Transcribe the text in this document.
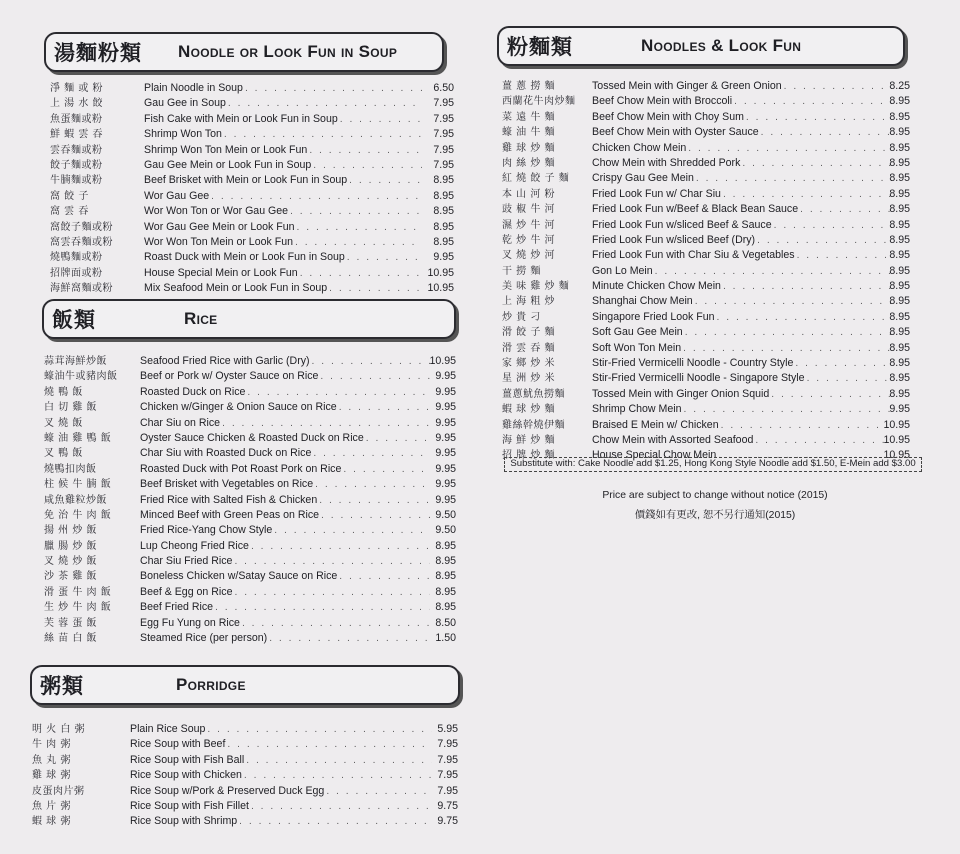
湯麵粉類 Noodle or Look Fun in Soup
淨 麵 或 粉	Plain Noodle in Soup . . .	6.50
上 湯 水 餃	Gau Gee in Soup . . .	7.95
魚蛋麵或粉	Fish Cake with Mein or Look Fun in Soup . . .	7.95
鮮 蝦 雲 吞	Shrimp Won Ton . . .	7.95
雲吞麵或粉	Shrimp Won Ton Mein or Look Fun . . .	7.95
餃子麵或粉	Gau Gee Mein or Look Fun in Soup . . .	7.95
牛腩麵或粉	Beef Brisket with Mein or Look Fun in Soup . . .	8.95
窩 餃 子	Wor Gau Gee . . .	8.95
窩 雲 吞	Wor Won Ton or Wor Gau Gee . . .	8.95
窩餃子麵或粉	Wor Gau Gee Mein or Look Fun . . .	8.95
窩雲吞麵或粉	Wor Won Ton Mein or Look Fun . . .	8.95
燒鴨麵或粉	Roast Duck with Mein or Look Fun in Soup . . .	9.95
招牌面或粉	House Special Mein or Look Fun . . .	10.95
海鮮窩麵或粉	Mix Seafood Mein or Look Fun in Soup . . .	10.95
飯類	Rice
蒜茸海鮮炒飯	Seafood Fried Rice with Garlic (Dry) . . .	10.95
蠔油牛或豬肉飯	Beef or Pork w/ Oyster Sauce on Rice . . .	9.95
燒 鴨 飯	Roasted Duck on Rice . . .	9.95
白 切 雞 飯	Chicken w/Ginger & Onion Sauce on Rice . . .	9.95
叉 燒 飯	Char Siu on Rice . . .	9.95
蠔 油 雞 鴨 飯	Oyster Sauce Chicken & Roasted Duck on Rice . . .	9.95
叉 鴨 飯	Char Siu with Roasted Duck on Rice . . .	9.95
燒鴨扣肉飯	Roasted Duck with Pot Roast Pork on Rice . . .	9.95
柱 候 牛 腩 飯	Beef Brisket with Vegetables on Rice . . .	9.95
咸魚雞粒炒飯	Fried Rice with Salted Fish & Chicken . . .	9.95
免 治 牛 肉 飯	Minced Beef with Green Peas on Rice . . .	9.50
揚 州 炒 飯	Fried Rice-Yang Chow Style . . .	9.50
臘 腸 炒 飯	Lup Cheong Fried Rice . . .	8.95
叉 燒 炒 飯	Char Siu Fried Rice . . .	8.95
沙 茶 雞 飯	Boneless Chicken w/Satay Sauce on Rice . . .	8.95
滑 蛋 牛 肉 飯	Beef & Egg on Rice . . .	8.95
生 炒 牛 肉 飯	Beef Fried Rice . . .	8.95
芙 蓉 蛋 飯	Egg Fu Yung on Rice . . .	8.50
絲 苗 白 飯	Steamed Rice (per person) . . .	1.50
粥類	Porridge
明 火 白 粥	Plain Rice Soup . . .	5.95
牛 肉 粥	Rice Soup with Beef . . .	7.95
魚 丸 粥	Rice Soup with Fish Ball . . .	7.95
雞 球 粥	Rice Soup with Chicken . . .	7.95
皮蛋肉片粥	Rice Soup w/Pork & Preserved Duck Egg . . .	7.95
魚 片 粥	Rice Soup with Fish Fillet . . .	9.75
蝦 球 粥	Rice Soup with Shrimp . . .	9.75
粉麵類	Noodles & Look Fun
薑 蔥 撈 麵	Tossed Mein with Ginger & Green Onion . . .	8.25
西蘭花牛肉炒麵	Beef Chow Mein with Broccoli . . .	8.95
菜 遠 牛 麵	Beef Chow Mein with Choy Sum . . .	8.95
蠔 油 牛 麵	Beef Chow Mein with Oyster Sauce . . .	8.95
雞 球 炒 麵	Chicken Chow Mein . . .	8.95
肉 絲 炒 麵	Chow Mein with Shredded Pork . . .	8.95
紅 燒 餃 子 麵	Crispy Gau Gee Mein . . .	8.95
本 山 河 粉	Fried Look Fun w/ Char Siu . . .	8.95
豉 椒 牛 河	Fried Look Fun w/Beef & Black Bean Sauce . . .	8.95
濕 炒 牛 河	Fried Look Fun w/sliced Beef & Sauce . . .	8.95
乾 炒 牛 河	Fried Look Fun w/sliced Beef (Dry) . . .	8.95
叉 燒 炒 河	Fried Look Fun with Char Siu & Vegetables . . .	8.95
干 撈 麵	Gon Lo Mein . . .	8.95
美 味 雞 炒 麵	Minute Chicken Chow Mein . . .	8.95
上 海 粗 炒	Shanghai Chow Mein . . .	8.95
炒 貴 刁	Singapore Fried Look Fun . . .	8.95
滑 餃 子 麵	Soft Gau Gee Mein . . .	8.95
滑 雲 吞 麵	Soft Won Ton Mein . . .	8.95
家 鄉 炒 米	Stir-Fried Vermicelli Noodle - Country Style . . .	8.95
星 洲 炒 米	Stir-Fried Vermicelli Noodle - Singapore Style . . .	8.95
薑蔥魷魚撈麵	Tossed Mein with Ginger Onion Squid . . .	8.95
蝦 球 炒 麵	Shrimp Chow Mein . . .	9.95
雞絲幹燒伊麵	Braised E Mein w/ Chicken . . .	10.95
海 鮮 炒 麵	Chow Mein with Assorted Seafood . . .	10.95
招 牌 炒 麵	House Special Chow Mein . . .	10.95
Substitute with: Cake Noodle add $1.25, Hong Kong Style Noodle add $1.50, E-Mein add $3.00
Price are subject to change without notice (2015)
價錢如有更改, 恕不另行通知(2015)
